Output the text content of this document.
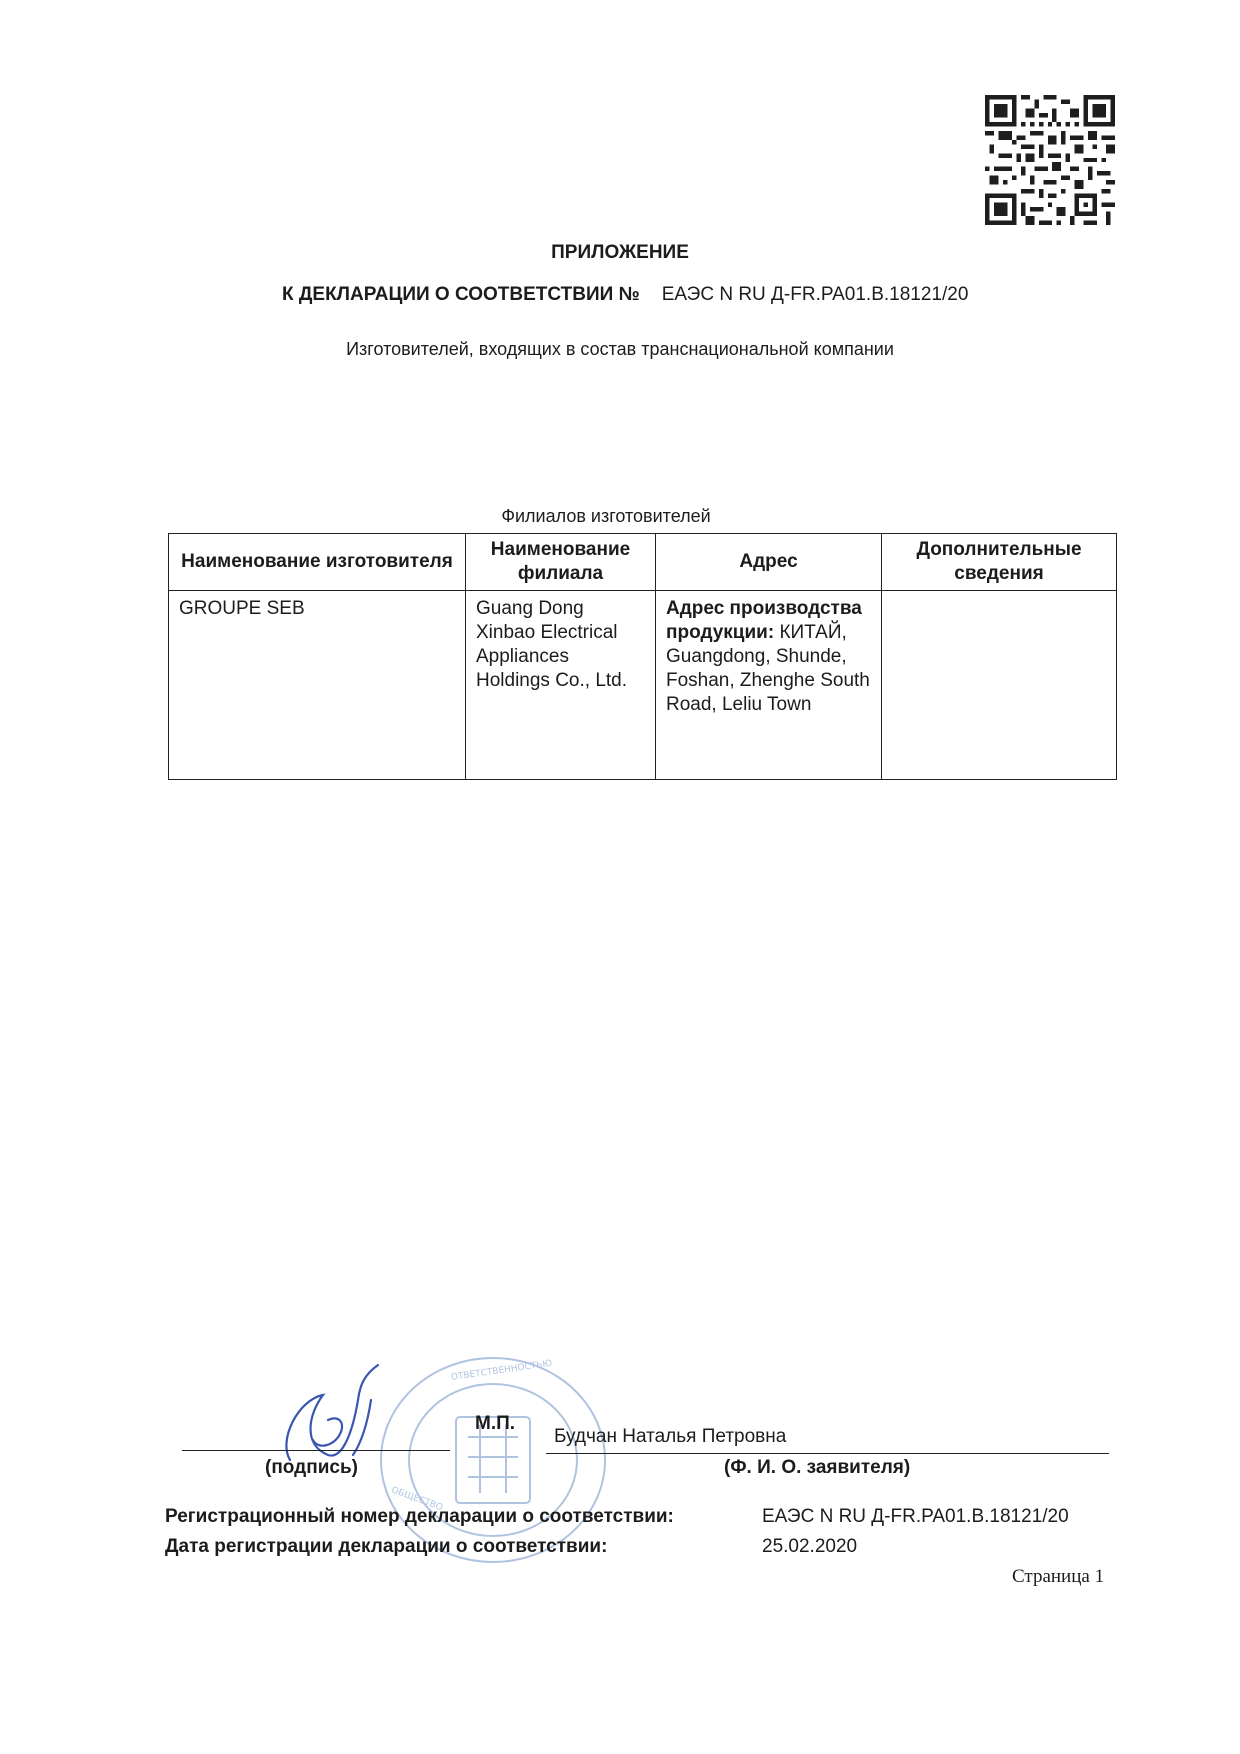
ПРИЛОЖЕНИЕ
К ДЕКЛАРАЦИИ О СООТВЕТСТВИИ № ЕАЭС N RU Д-FR.PA01.B.18121/20
Изготовителей, входящих в состав транснациональной компании
Филиалов изготовителей
Наименование изготовителя	Наименование филиала	Адрес	Дополнительные сведения
GROUPE SEB	Guang Dong Xinbao Electrical Appliances Holdings Co., Ltd.	Адрес производства продукции: КИТАЙ, Guangdong, Shunde, Foshan, Zhenghe South Road, Leliu Town	
ОТВЕТСТВЕННОСТЬЮ
ОБЩЕСТВО
М.П.
Будчан Наталья Петровна
(подпись)	(Ф. И. О. заявителя)
Регистрационный номер декларации о соответствии:	ЕАЭС N RU Д-FR.PA01.B.18121/20
Дата регистрации декларации о соответствии:	25.02.2020
Страница 1
